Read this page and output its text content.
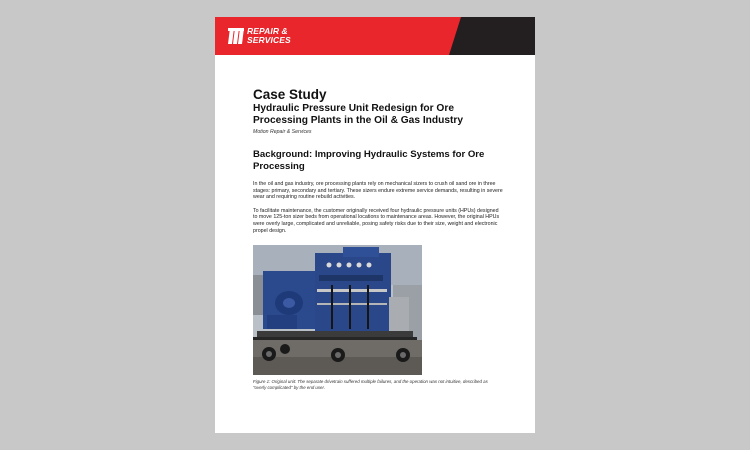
REPAIR &
SERVICES
Case Study
Hydraulic Pressure Unit Redesign for Ore Processing Plants in the Oil & Gas Industry
Motion Repair & Services
Background: Improving Hydraulic Systems for Ore Processing
In the oil and gas industry, ore processing plants rely on mechanical sizers to crush oil sand ore in three stages: primary, secondary and tertiary. These sizers endure extreme service demands, resulting in severe wear and requiring routine rebuild activities.
To facilitate maintenance, the customer originally received four hydraulic pressure units (HPUs) designed to move 125-ton sizer beds from operational locations to maintenance areas. However, the original HPUs were overly large, complicated and unreliable, posing safety risks due to their size, weight and electronic propel design.
Figure 1: Original unit: The separate drivetrain suffered multiple failures, and the operation was not intuitive, described as "overly complicated" by the end user.
